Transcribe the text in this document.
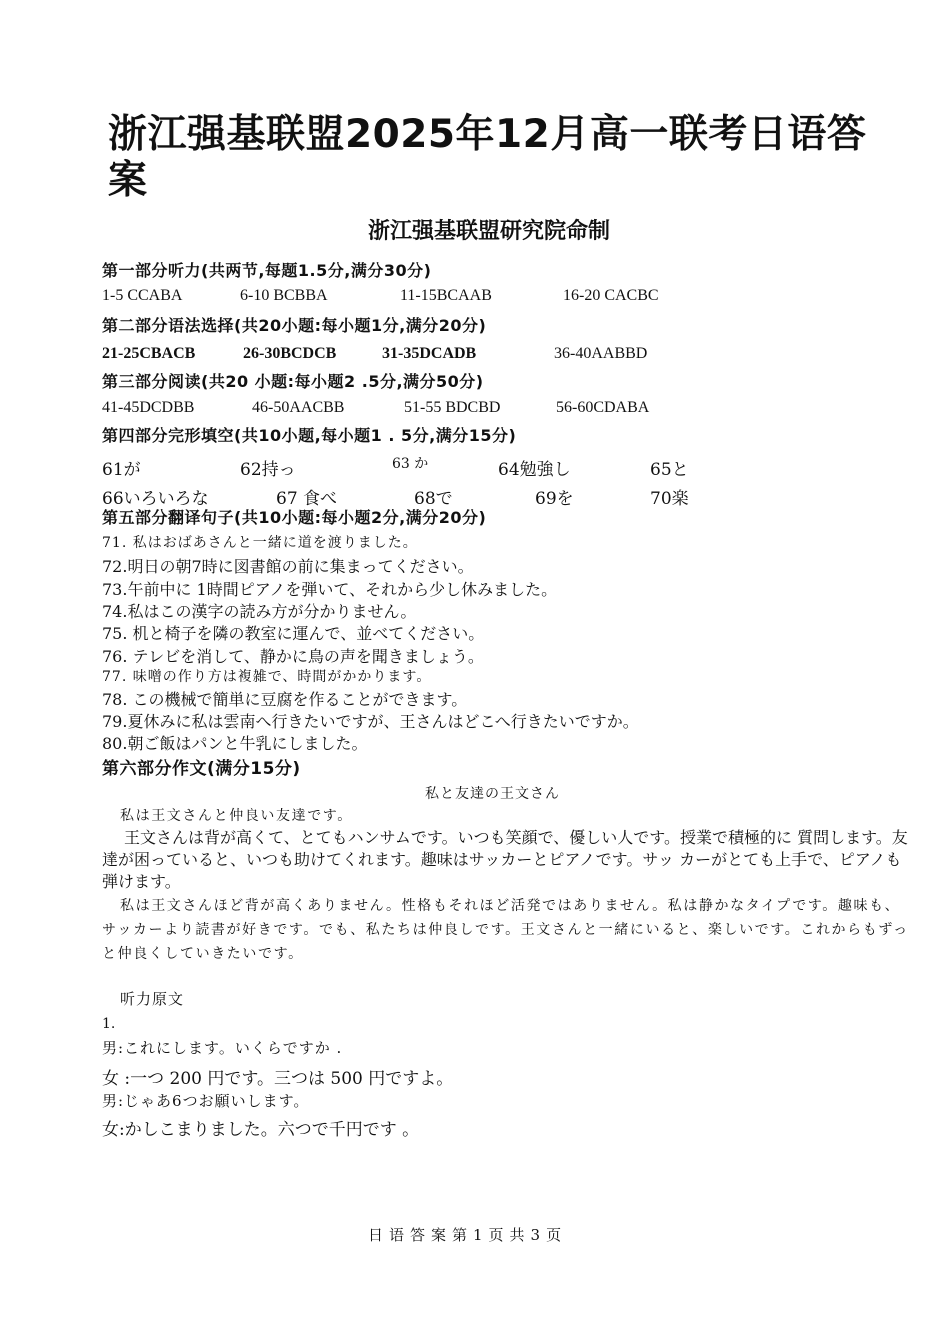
浙江强基联盟2025年12月高一联考日语答案
浙江强基联盟研究院命制
第一部分听力(共两节,每题1.5分,满分30分)
1-5 CCABA	6-10 BCBBA	11-15BCAAB	16-20 CACBC
第二部分语法选择(共20小题:每小题1分,满分20分)
21-25CBACB	26-30BCDCB	31-35DCADB	36-40AABBD
第三部分阅读(共20 小题:每小题2 .5分,满分50分)
41-45DCDBB	46-50AACBB	51-55 BDCBD	56-60CDABA
第四部分完形填空(共10小题,每小题1 . 5分,满分15分)
61が	62持っ	63 か	64勉強し	65と
66いろいろな	67 食べ	68で	69を	70楽
第五部分翻译句子(共10小题:每小题2分,满分20分)
71. 私はおばあさんと一緒に道を渡りました。
72.明日の朝7時に図書館の前に集まってください。
73.午前中に 1時間ピアノを弾いて、それから少し休みました。
74.私はこの漢字の読み方が分かりません。
75. 机と椅子を隣の教室に運んで、並べてください。
76. テレビを消して、静かに鳥の声を聞きましょう。
77. 味噌の作り方は複雑で、時間がかかります。
78. この機械で簡単に豆腐を作ることができます。
79.夏休みに私は雲南へ行きたいですが、王さんはどこへ行きたいですか。
80.朝ご飯はパンと牛乳にしました。
第六部分作文(满分15分)
私と友達の王文さん
私は王文さんと仲良い友達です。
王文さんは背が高くて、とてもハンサムです。いつも笑顔で、優しい人です。授業で積極的に 質問します。友達が困っていると、いつも助けてくれます。趣味はサッカーとピアノです。サッ カーがとても上手で、ピアノも弾けます。
私は王文さんほど背が高くありません。性格もそれほど活発ではありません。私は静かなタイプです。趣味も、サッカーより読書が好きです。でも、私たちは仲良しです。王文さんと一緒にいると、楽しいです。これからもずっと仲良くしていきたいです。
听力原文
1.
男:これにします。いくらですか .
女 :一つ 200 円です。三つは 500 円ですよ。
男:じゃあ6つお願いします。
女:かしこまりました。六つで千円です 。
日语答案第1页共3页
